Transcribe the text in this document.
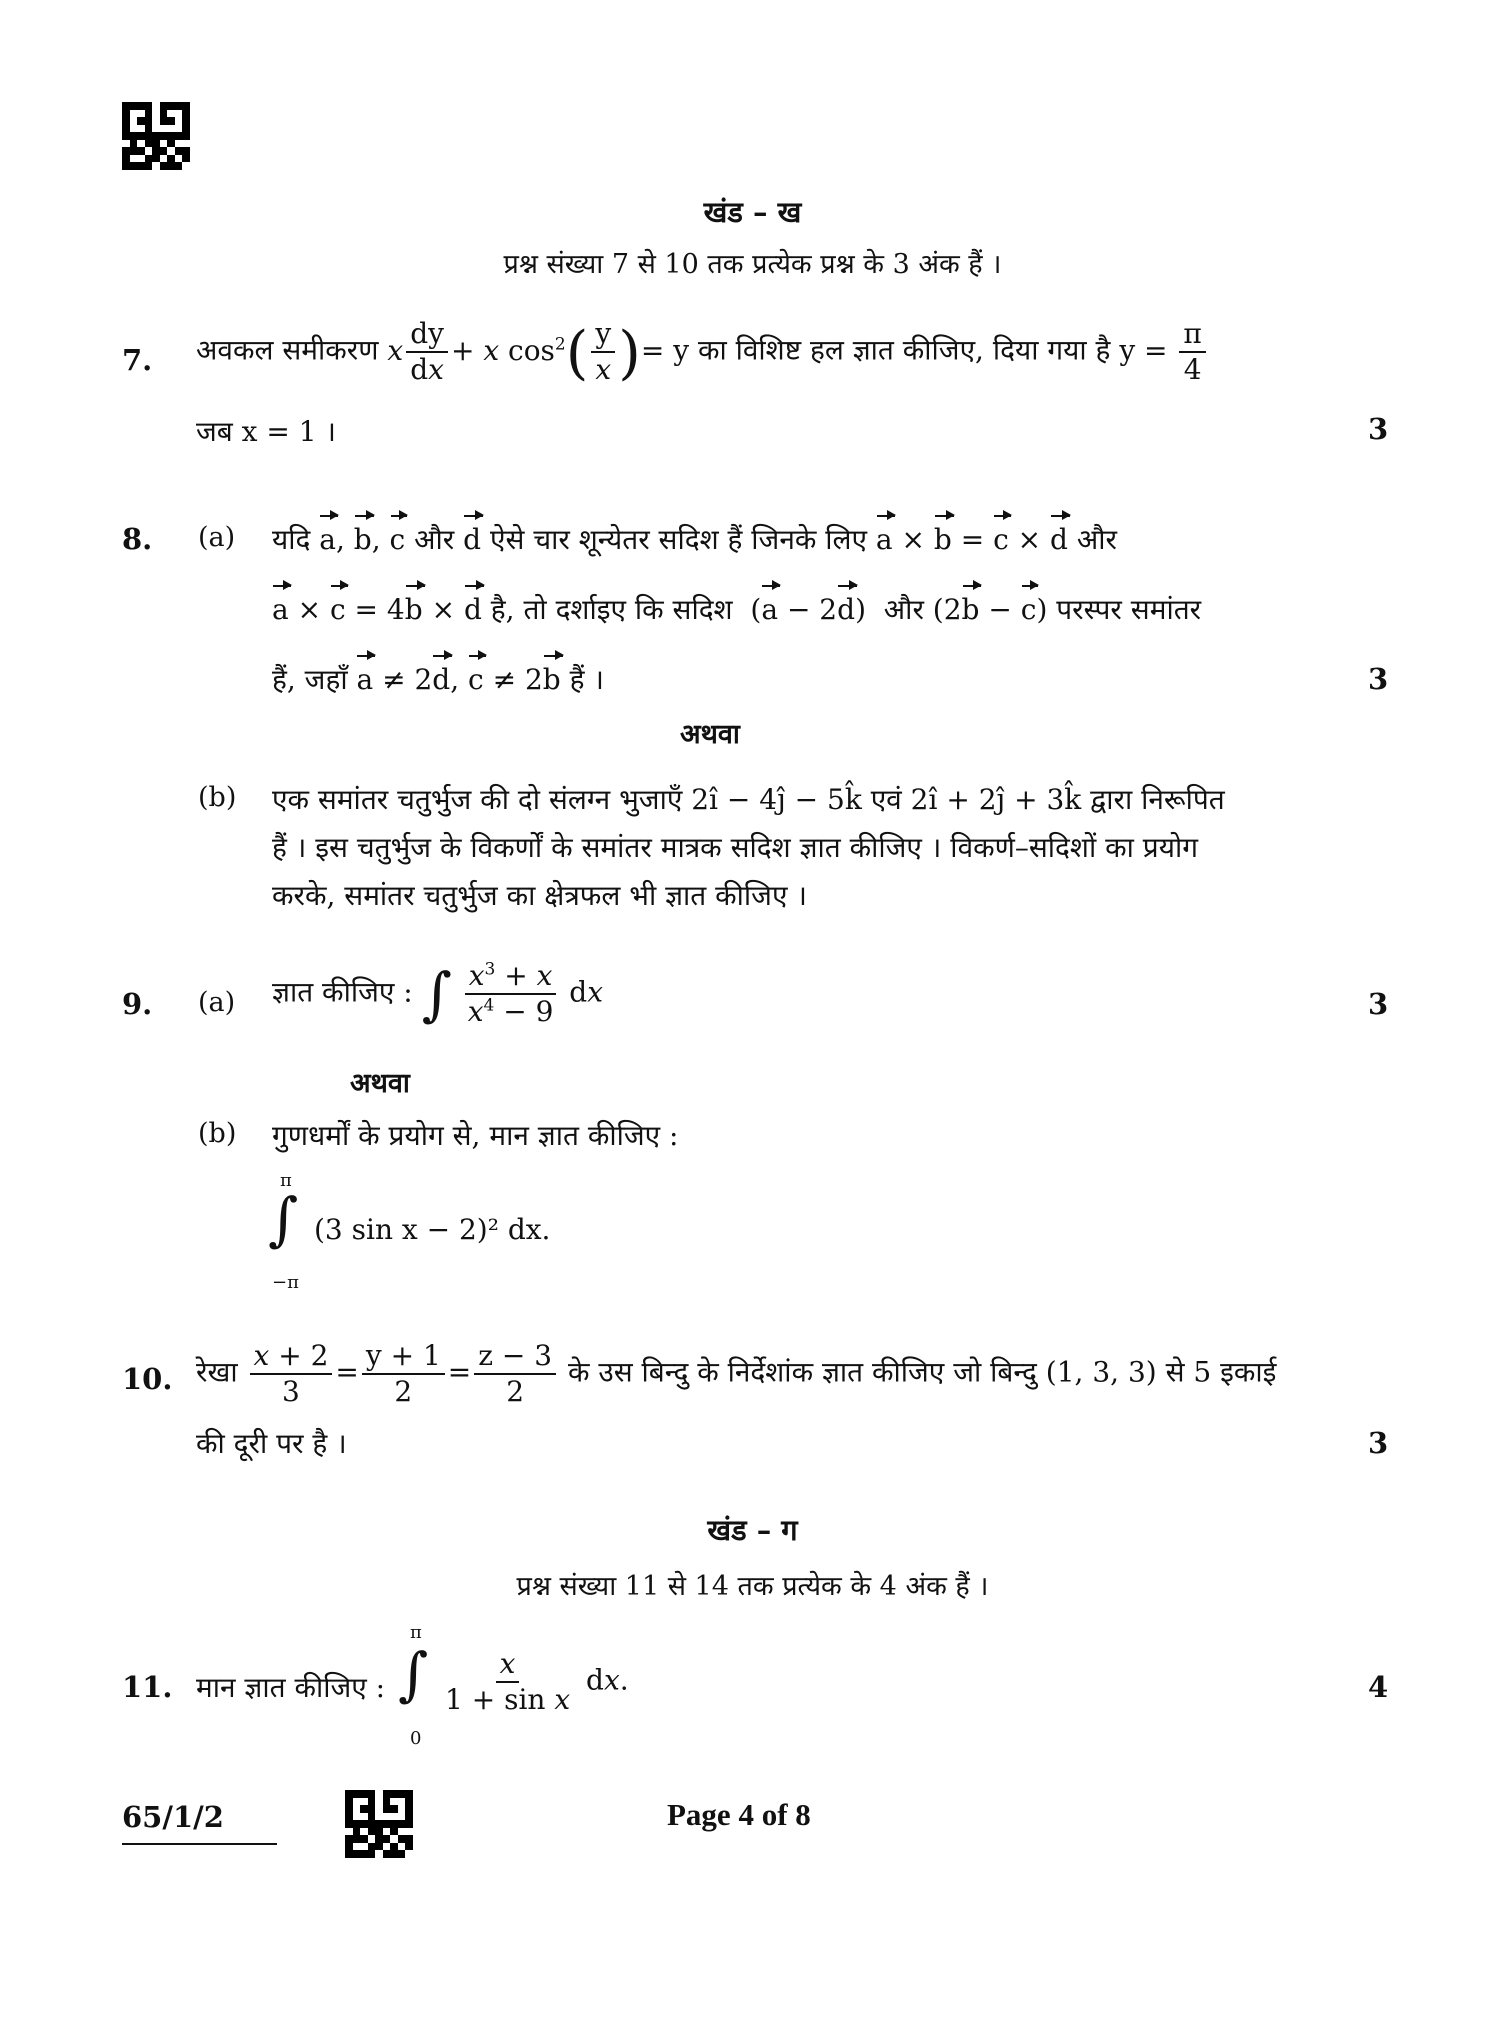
खंड – ख
प्रश्न संख्या 7 से 10 तक प्रत्येक प्रश्न के 3 अंक हैं ।
7. अवकल समीकरण x $\frac{dy}{dx} + x$ $\cos^2( \frac{y}{x}$ )= y का विशिष्ट हल ज्ञात कीजिए, दिया गया है $y = \frac{\pi}{4}$
जब x = 1 ।	3
8. (a) यदि a, b, c और d ऐसे चार शून्येतर सदिश हैं जिनके लिए a × b = c × d और
a × c = 4b × d है, तो दर्शाइए कि सदिश  (a − 2d)  और (2b − c) परस्पर समांतर
हैं, जहाँ a ≠ 2d, c ≠ 2b हैं ।	3
अथवा
(b) एक समांतर चतुर्भुज की दो संलग्न भुजाएँ 2î − 4ĵ − 5k̂ एवं 2î + 2ĵ + 3k̂ द्वारा निरूपित
हैं । इस चतुर्भुज के विकर्णों के समांतर मात्रक सदिश ज्ञात कीजिए । विकर्ण–सदिशों का प्रयोग
करके, समांतर चतुर्भुज का क्षेत्रफल भी ज्ञात कीजिए ।
9. (a) ज्ञात कीजिए : ∫ $\frac{x^3 + x}{x^4 - 9}$ dx	3
अथवा
(b) गुणधर्मों के प्रयोग से, मान ज्ञात कीजिए :
π
∫
−π
(3 sin x − 2)² dx.
10. रेखा $\frac{x + 2}{3} = \frac{y + 1}{2} = \frac{z - 3}{2}$ के उस बिन्दु के निर्देशांक ज्ञात कीजिए जो बिन्दु (1, 3, 3) से 5 इकाई
की दूरी पर है ।	3
खंड – ग
प्रश्न संख्या 11 से 14 तक प्रत्येक के 4 अंक हैं ।
11. मान ज्ञात कीजिए :
π
∫
0
$\frac{x}{\text{1 + sin x}}$ dx.	4
65/1/2	Page 4 of 8
